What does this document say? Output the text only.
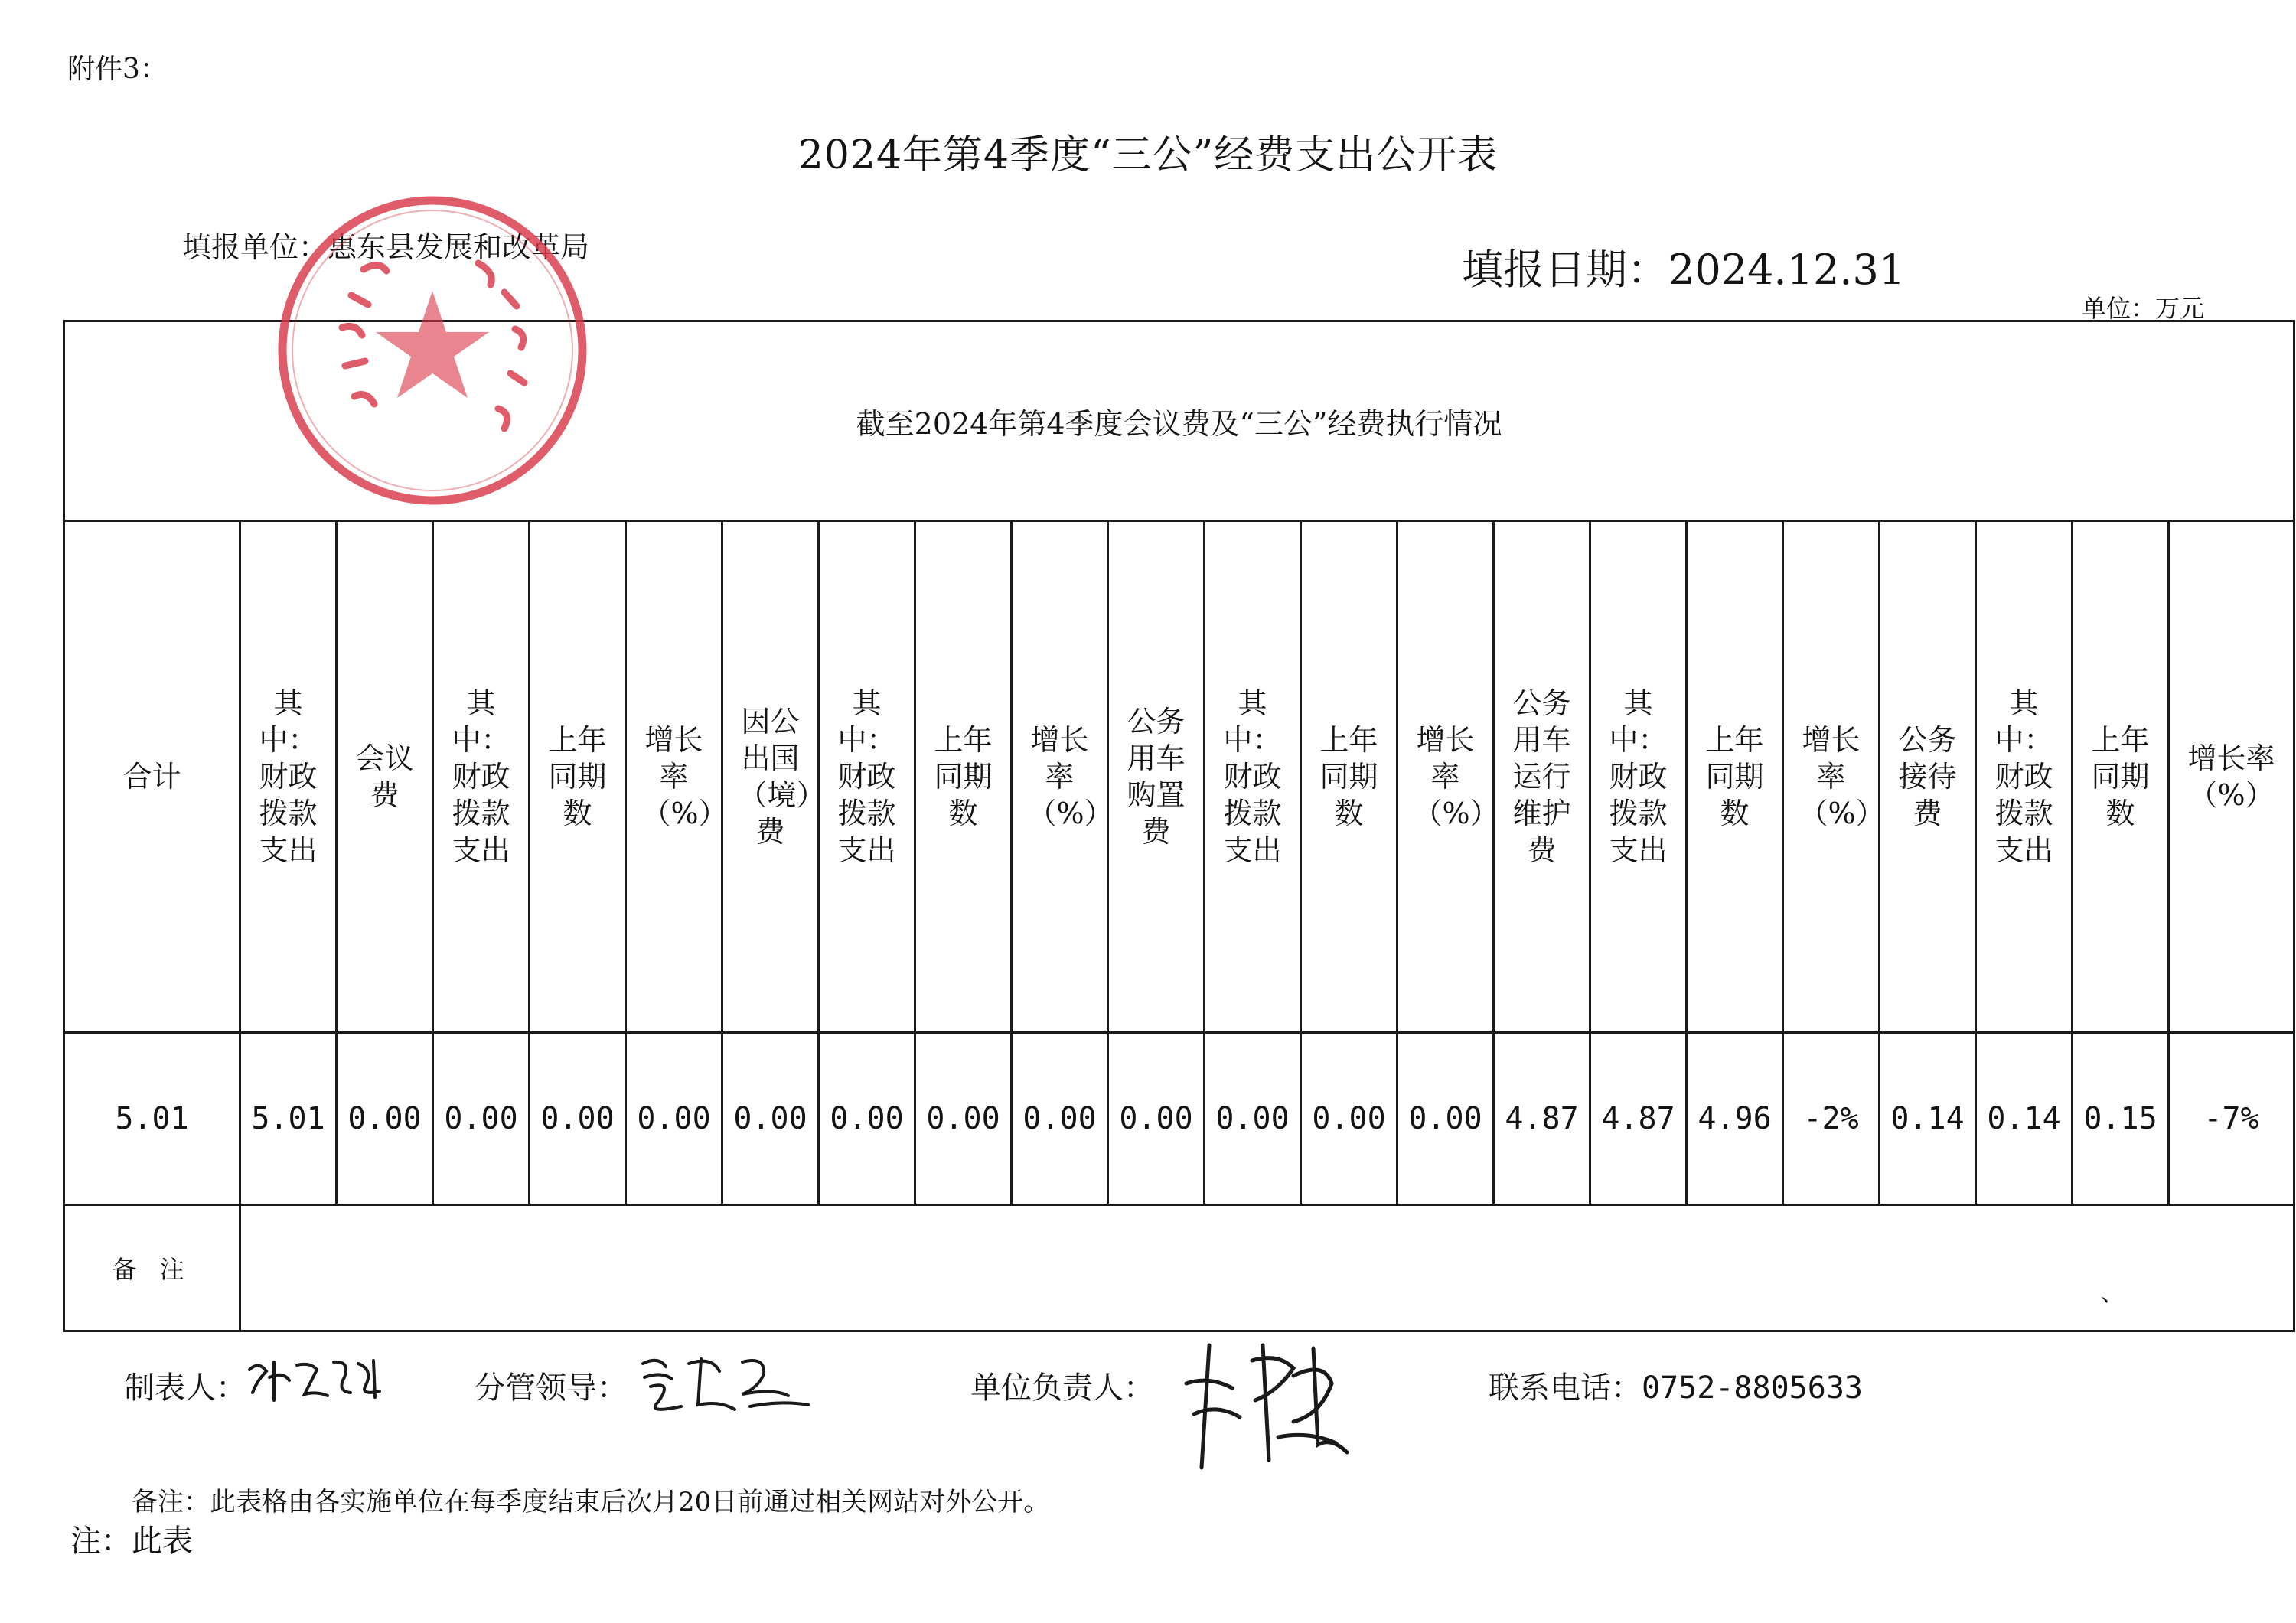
附件3：
2024年第4季度“三公”经费支出公开表
填报单位：惠东县发展和改革局	填报日期：2024.12.31
单位：万元
截至2024年第4季度会议费及“三公”经费执行情况																					
合计	其中：财政拨款支出	会议费	其中：财政拨款支出	上年同期数	增长率（%）	因公出国（境）费	其中：财政拨款支出	上年同期数	增长率（%）	公务用车购置费	其中：财政拨款支出	上年同期数	增长率（%）	公务用车运行维护费	其中：财政拨款支出	上年同期数	增长率（%）	公务接待费	其中：财政拨款支出	上年同期数	增长率（%）
5.01	5.01	0.00	0.00	0.00	0.00	0.00	0.00	0.00	0.00	0.00	0.00	0.00	0.00	4.87	4.87	4.96	-2%	0.14	0.14	0.15	-7%
备 注																					
、
制表人：	分管领导：	单位负责人：	联系电话：0752-8805633
备注：此表格由各实施单位在每季度结束后次月20日前通过相关网站对外公开。
注：此表
